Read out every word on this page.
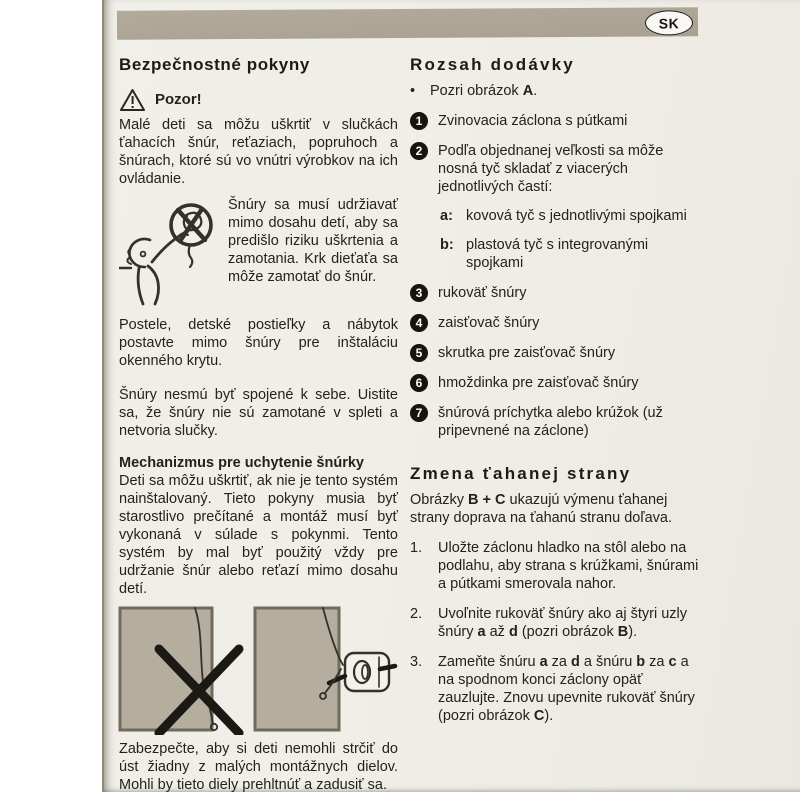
SK
Bezpečnostné pokyny
Pozor!

Malé deti sa môžu uškrtiť v slučkách ťahacích šnúr, reťaziach, popruhoch a šnúrach, ktoré sú vo vnútri výrobkov na ich ovládanie.

Šnúry sa musí udržiavať mimo dosahu detí, aby sa predišlo riziku uškrtenia a zamotania. Krk dieťaťa sa môže zamotať do šnúr.

Postele, detské postieľky a nábytok postavte mimo šnúry pre inštaláciu okenného krytu.

Šnúry nesmú byť spojené k sebe. Uistite sa, že šnúry nie sú zamotané v spleti a netvoria slučky.

Mechanizmus pre uchytenie šnúrky

Deti sa môžu uškrtiť, ak nie je tento systém nainštalovaný. Tieto pokyny musia byť starostlivo prečítané a montáž musí byť vykonaná v súlade s pokynmi. Tento systém by mal byť použitý vždy pre udržanie šnúr alebo reťazí mimo dosahu detí.

Zabezpečte, aby si deti nemohli strčiť do úst žiadny z malých montážnych dielov. Mohli by tieto diely prehltnúť a zadusiť sa.

Rozsah dodávky
• Pozri obrázok A.
1	Zvinovacia záclona s pútkami
2	Podľa objednanej veľkosti sa môže nosná tyč skladať z viacerých jednotlivých častí:
a: kovová tyč s jednotlivými spojkami
b: plastová tyč s integrovanými spojkami
3	rukoväť šnúry
4	zaisťovač šnúry
5	skrutka pre zaisťovač šnúry
6	hmoždinka pre zaisťovač šnúry
7	šnúrová príchytka alebo krúžok (už pripevnené na záclone)
Zmena ťahanej strany

Obrázky B + C ukazujú výmenu ťahanej strany doprava na ťahanú stranu doľava.

1.	Uložte záclonu hladko na stôl alebo na podlahu, aby strana s krúžkami, šnúrami a pútkami smerovala nahor.
2.	Uvoľnite rukoväť šnúry ako aj štyri uzly šnúry a až d (pozri obrázok B).
3.	Zameňte šnúru a za d a šnúru b za c a na spodnom konci záclony opäť zauzlujte. Znovu upevnite rukoväť šnúry (pozri obrázok C).
